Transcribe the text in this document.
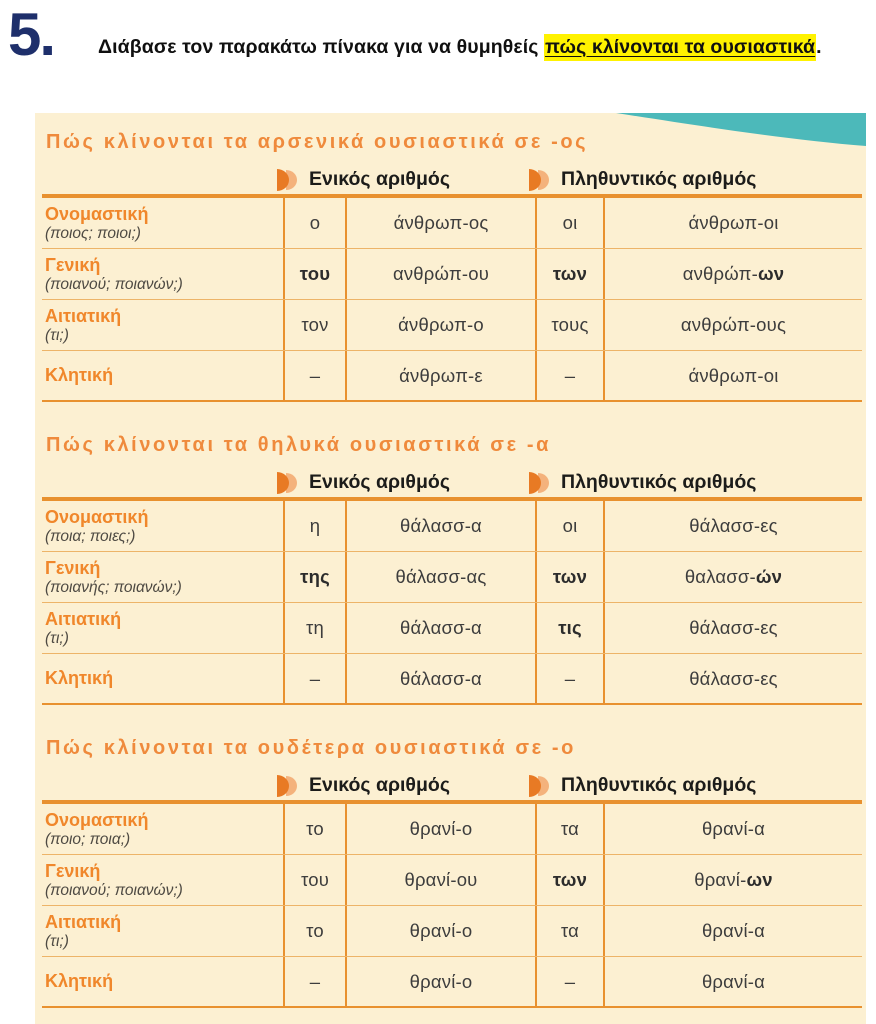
5. Διάβασε τον παρακάτω πίνακα για να θυμηθείς πώς κλίνονται τα ουσιαστικά.

Πώς κλίνονται τα αρσενικά ουσιαστικά σε -ος
Ενικός αριθμός	Πληθυντικός αριθμός
Ονομαστική
(ποιος; ποιοι;)	ο	άνθρωπ-ος	οι	άνθρωπ-οι
Γενική
(ποιανού; ποιανών;)	του	ανθρώπ-ου	των	ανθρώπ- ων
Αιτιατική
(τι;)	τον	άνθρωπ-ο	τους	ανθρώπ-ους
Κλητική	–	άνθρωπ-ε	–	άνθρωπ-οι
Πώς κλίνονται τα θηλυκά ουσιαστικά σε -α
Ενικός αριθμός	Πληθυντικός αριθμός
Ονομαστική
(ποια; ποιες;)	η	θάλασσ-α	οι	θάλασσ-ες
Γενική
(ποιανής; ποιανών;)	της	θάλασσ-ας	των	θαλασσ- ών
Αιτιατική
(τι;)	τη	θάλασσ-α	τις	θάλασσ-ες
Κλητική	–	θάλασσ-α	–	θάλασσ-ες
Πώς κλίνονται τα ουδέτερα ουσιαστικά σε -ο
Ενικός αριθμός	Πληθυντικός αριθμός
Ονομαστική
(ποιο; ποια;)	το	θρανί-ο	τα	θρανί-α
Γενική
(ποιανού; ποιανών;)	του	θρανί-ου	των	θρανί- ων
Αιτιατική
(τι;)	το	θρανί-ο	τα	θρανί-α
Κλητική	–	θρανί-ο	–	θρανί-α
